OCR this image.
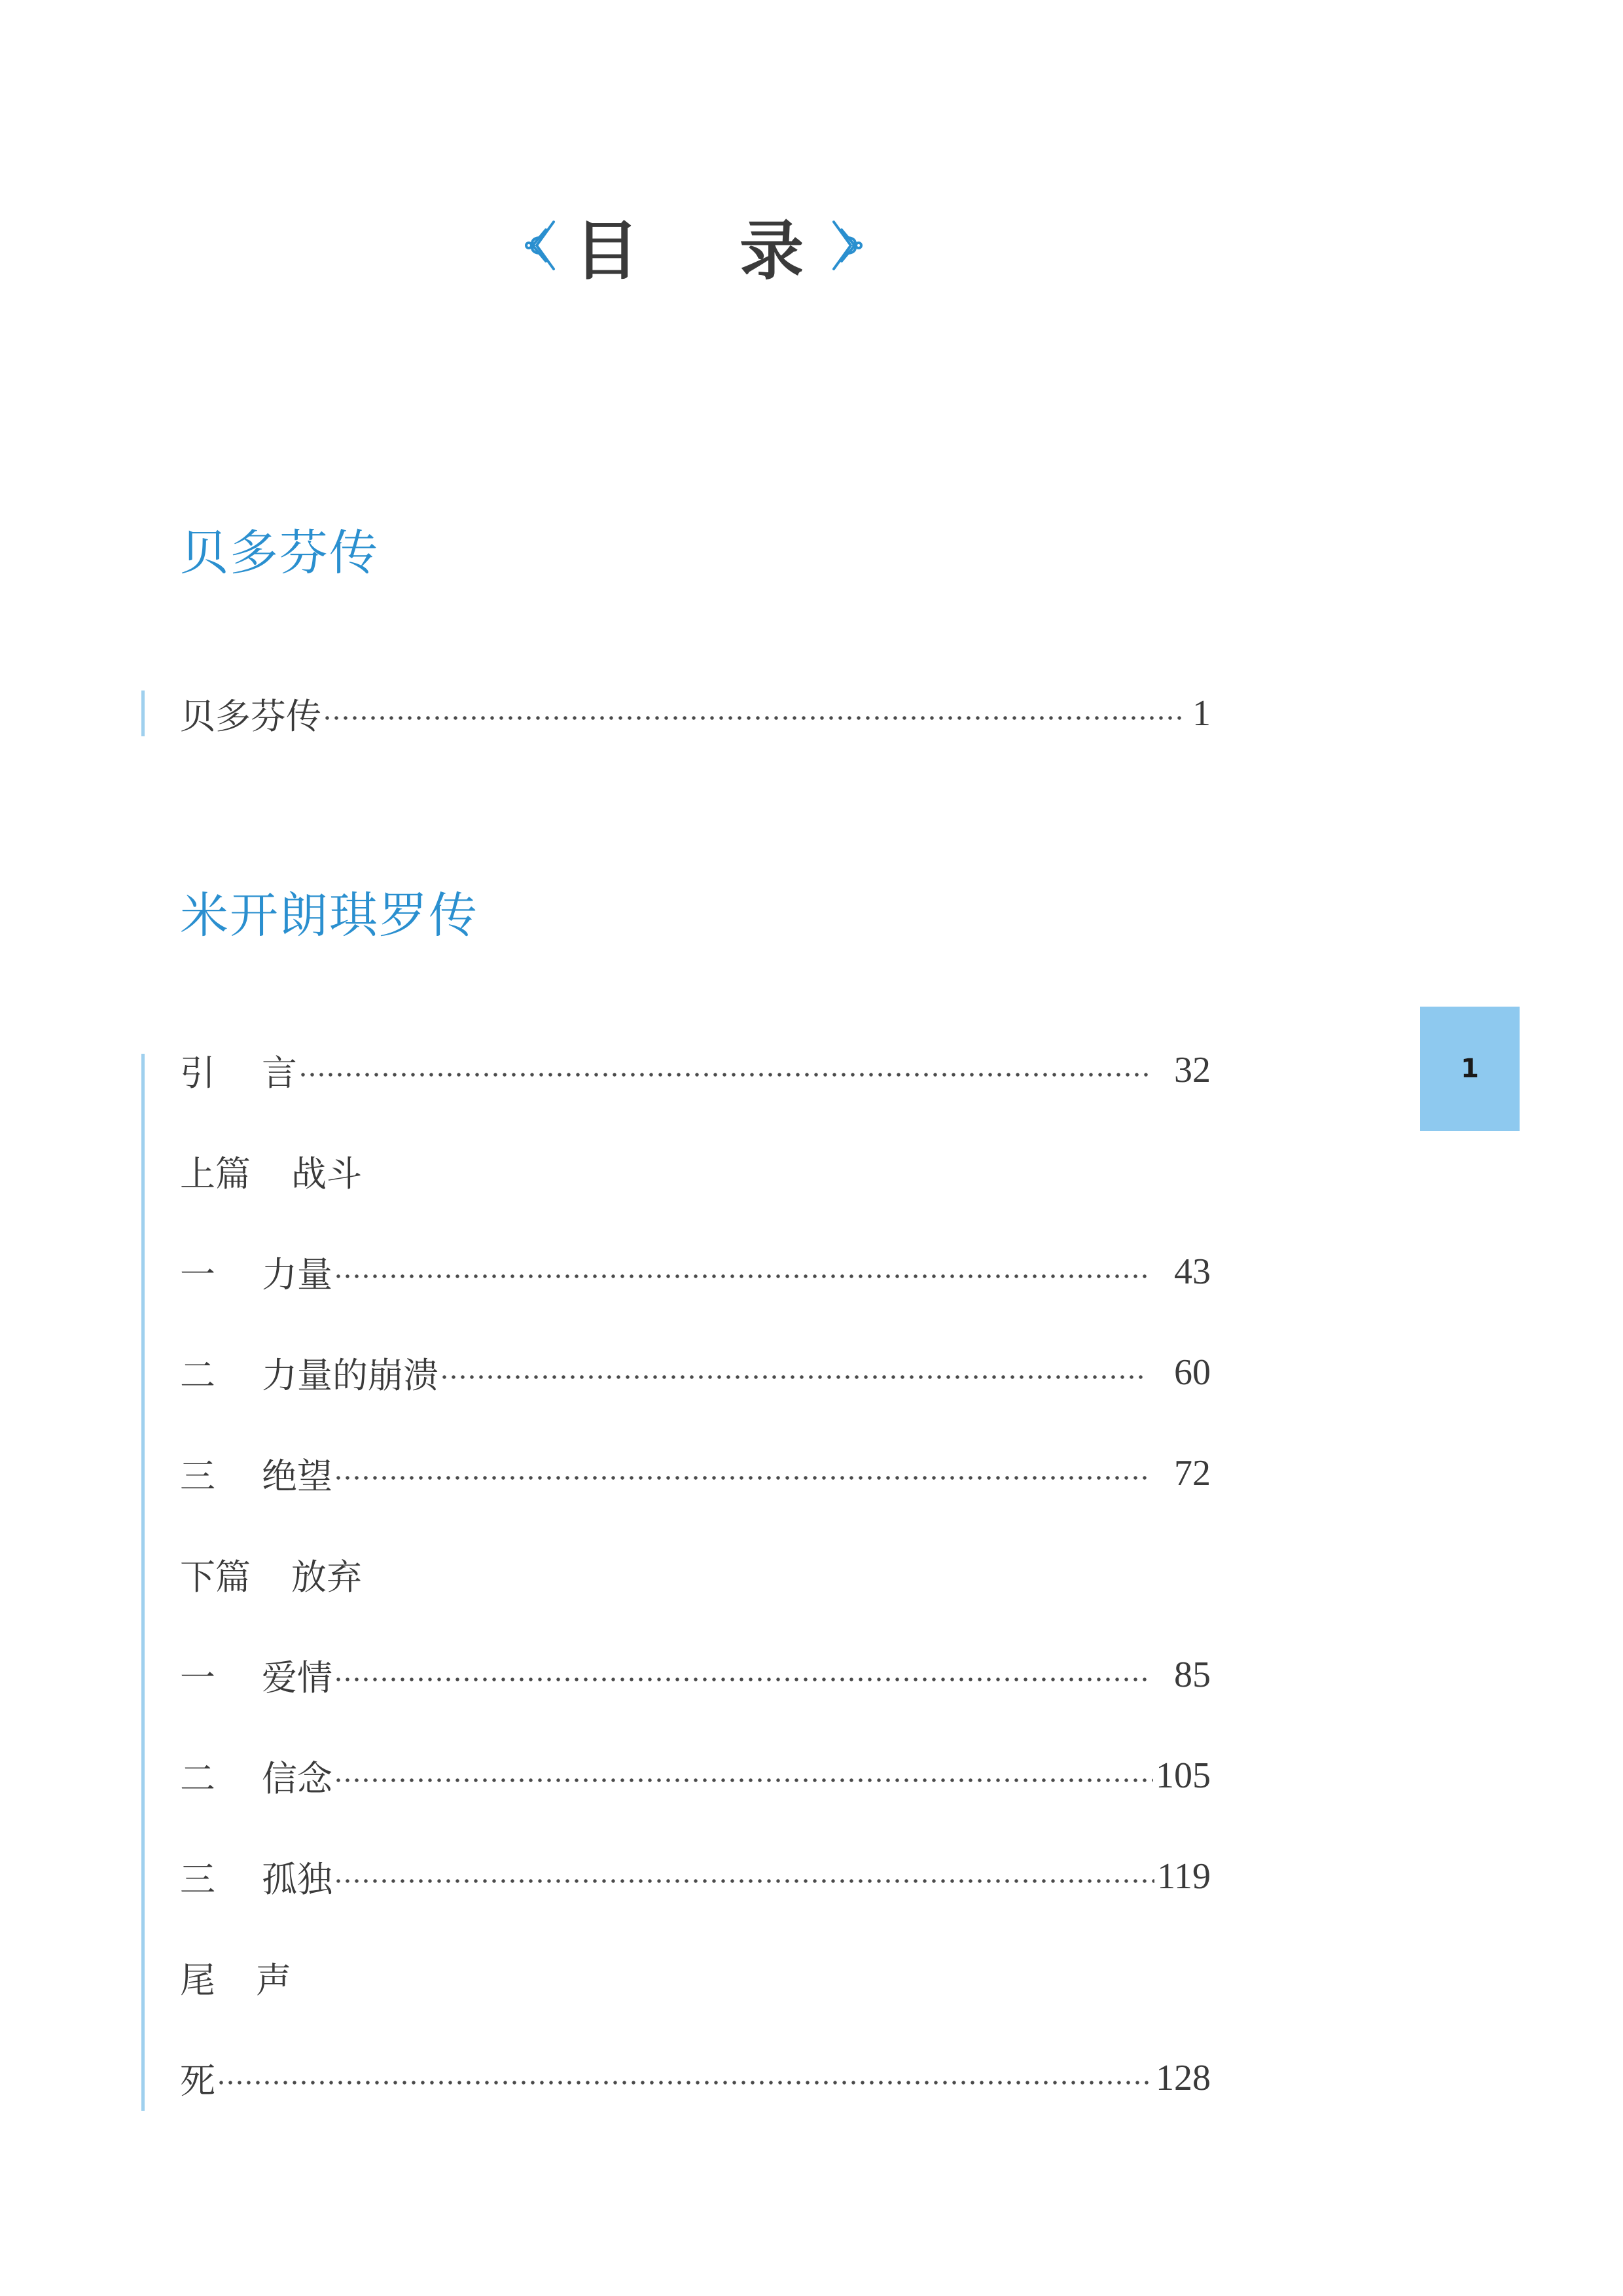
目 录
贝多芬传
贝多芬传	1
米开朗琪罗传
引	言	32
上篇 战斗
一	力量	43
二	力量的崩溃	60
三	绝望	72
下篇 放弃
一	爱情	85
二	信念	105
三	孤独	119
尾 声
死	128
1
